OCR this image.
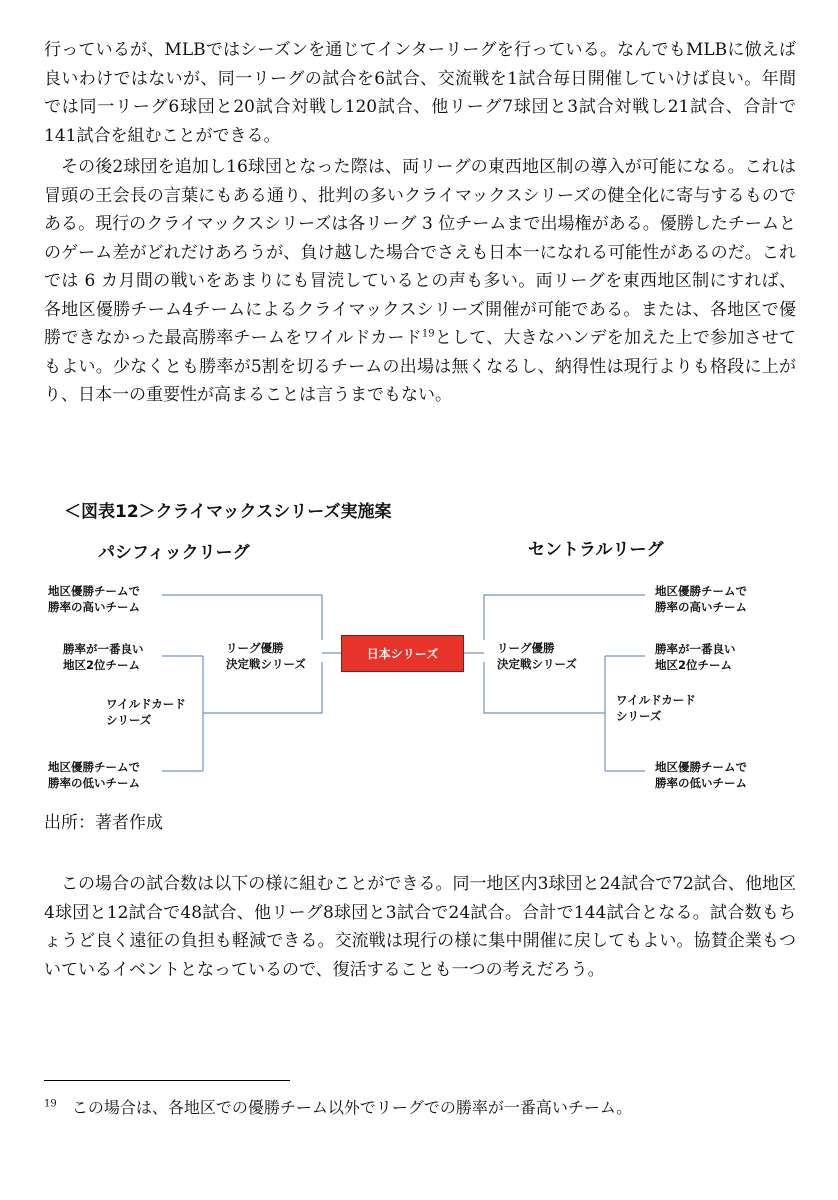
行っているが、MLBではシーズンを通じてインターリーグを行っている。なんでもMLBに倣えば良いわけではないが、同一リーグの試合を6試合、交流戦を1試合毎日開催していけば良い。年間では同一リーグ6球団と20試合対戦し120試合、他リーグ7球団と3試合対戦し21試合、合計で141試合を組むことができる。

その後2球団を追加し16球団となった際は、両リーグの東西地区制の導入が可能になる。これは冒頭の王会長の言葉にもある通り、批判の多いクライマックスシリーズの健全化に寄与するものである。現行のクライマックスシリーズは各リーグ 3 位チームまで出場権がある。優勝したチームとのゲーム差がどれだけあろうが、負け越した場合でさえも日本一になれる可能性があるのだ。これでは 6 カ月間の戦いをあまりにも冒涜しているとの声も多い。両リーグを東西地区制にすれば、各地区優勝チーム4チームによるクライマックスシリーズ開催が可能である。または、各地区で優勝できなかった最高勝率チームをワイルドカード$^{19}$として、大きなハンデを加えた上で参加させてもよい。少なくとも勝率が5割を切るチームの出場は無くなるし、納得性は現行よりも格段に上がり、日本一の重要性が高まることは言うまでもない。

＜図表12＞クライマックスシリーズ実施案
パシフィックリーグ	セントラルリーグ
地区優勝チームで
勝率の高いチーム
勝率が一番良い
地区2位チーム
ワイルドカード
シリーズ
地区優勝チームで
勝率の低いチーム
リーグ優勝
決定戦シリーズ
日本シリーズ	リーグ優勝
決定戦シリーズ
地区優勝チームで
勝率の高いチーム
勝率が一番良い
地区2位チーム
ワイルドカード
シリーズ
地区優勝チームで
勝率の低いチーム
出所：著者作成

この場合の試合数は以下の様に組むことができる。同一地区内3球団と24試合で72試合、他地区4球団と12試合で48試合、他リーグ8球団と3試合で24試合。合計で144試合となる。試合数もちょうど良く遠征の負担も軽減できる。交流戦は現行の様に集中開催に戻してもよい。協賛企業もついているイベントとなっているので、復活することも一つの考えだろう。

$^{19}$ この場合は、各地区での優勝チーム以外でリーグでの勝率が一番高いチーム。
